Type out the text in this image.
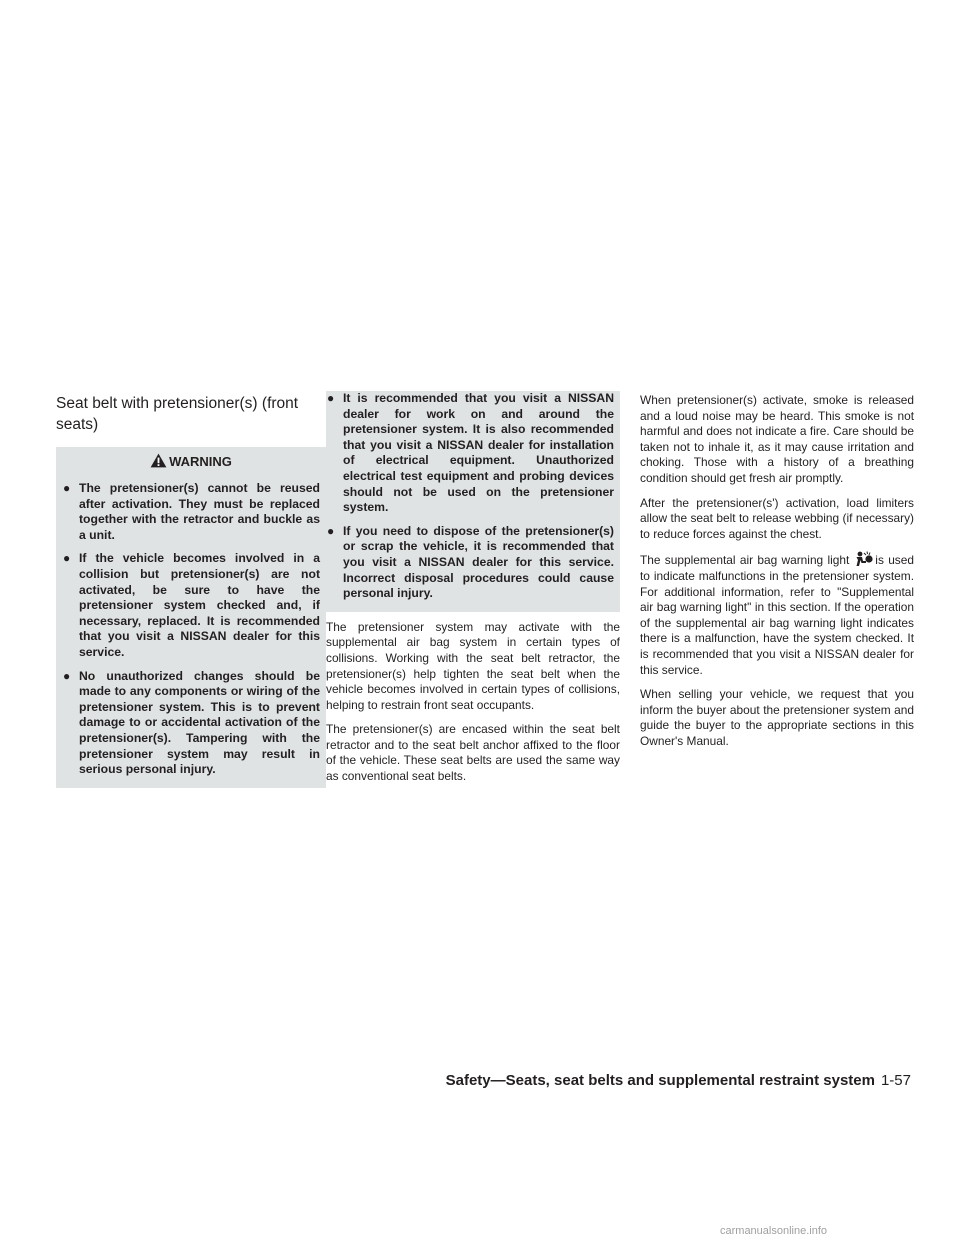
Seat belt with pretensioner(s) (front seats)
WARNING
● The pretensioner(s) cannot be reused after activation. They must be replaced together with the retractor and buckle as a unit.
● If the vehicle becomes involved in a collision but pretensioner(s) are not activated, be sure to have the pretensioner system checked and, if necessary, replaced. It is recommended that you visit a NISSAN dealer for this service.
● No unauthorized changes should be made to any components or wiring of the pretensioner system. This is to prevent damage to or accidental activation of the pretensioner(s). Tampering with the pretensioner system may result in serious personal injury.
● It is recommended that you visit a NISSAN dealer for work on and around the pretensioner system. It is also recommended that you visit a NISSAN dealer for installation of electrical equipment. Unauthorized electrical test equipment and probing devices should not be used on the pretensioner system.
● If you need to dispose of the pretensioner(s) or scrap the vehicle, it is recommended that you visit a NISSAN dealer for this service. Incorrect disposal procedures could cause personal injury.

The pretensioner system may activate with the supplemental air bag system in certain types of collisions. Working with the seat belt retractor, the pretensioner(s) help tighten the seat belt when the vehicle becomes involved in certain types of collisions, helping to restrain front seat occupants.

The pretensioner(s) are encased within the seat belt retractor and to the seat belt anchor affixed to the floor of the vehicle. These seat belts are used the same way as conventional seat belts.

When pretensioner(s) activate, smoke is released and a loud noise may be heard. This smoke is not harmful and does not indicate a fire. Care should be taken not to inhale it, as it may cause irritation and choking. Those with a history of a breathing condition should get fresh air promptly.

After the pretensioner(s') activation, load limiters allow the seat belt to release webbing (if necessary) to reduce forces against the chest.

The supplemental air bag warning light is used to indicate malfunctions in the pretensioner system. For additional information, refer to "Supplemental air bag warning light" in this section. If the operation of the supplemental air bag warning light indicates there is a malfunction, have the system checked. It is recommended that you visit a NISSAN dealer for this service.

When selling your vehicle, we request that you inform the buyer about the pretensioner system and guide the buyer to the appropriate sections in this Owner's Manual.

Safety—Seats, seat belts and supplemental restraint system 1-57
carmanualsonline.info
